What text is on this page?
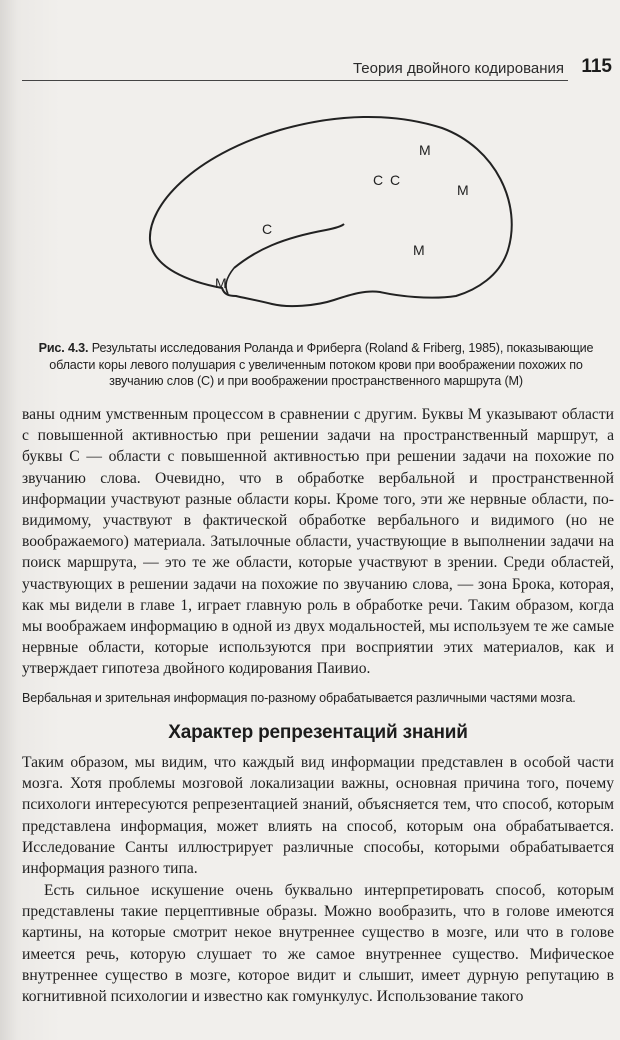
Теория двойного кодирования 115
M
C C
M
C
M
M
Рис. 4.3. Результаты исследования Роланда и Фриберга (Roland & Friberg, 1985), показывающие области коры левого полушария с увеличенным потоком крови при воображении похожих по звучанию слов (С) и при воображении пространственного маршрута (М)

ваны одним умственным процессом в сравнении с другим. Буквы М указывают области с повышенной активностью при решении задачи на пространственный маршрут, а буквы С — области с повышенной активностью при решении задачи на похожие по звучанию слова. Очевидно, что в обработке вербальной и пространственной информации участвуют разные области коры. Кроме того, эти же нервные области, по-видимому, участвуют в фактической обработке вербального и видимого (но не воображаемого) материала. Затылочные области, участвующие в выполнении задачи на поиск маршрута, — это те же области, которые участвуют в зрении. Среди областей, участвующих в решении задачи на похожие по звучанию слова, — зона Брока, которая, как мы видели в главе 1, играет главную роль в обработке речи. Таким образом, когда мы воображаем информацию в одной из двух модальностей, мы используем те же самые нервные области, которые используются при восприятии этих материалов, как и утверждает гипотеза двойного кодирования Паивио.

Вербальная и зрительная информация по-разному обрабатывается различными частями мозга.
Характер репрезентаций знаний

Таким образом, мы видим, что каждый вид информации представлен в особой части мозга. Хотя проблемы мозговой локализации важны, основная причина того, почему психологи интересуются репрезентацией знаний, объясняется тем, что способ, которым представлена информация, может влиять на способ, которым она обрабатывается. Исследование Санты иллюстрирует различные способы, которыми обрабатывается информация разного типа.

Есть сильное искушение очень буквально интерпретировать способ, которым представлены такие перцептивные образы. Можно вообразить, что в голове имеются картины, на которые смотрит некое внутреннее существо в мозге, или что в голове имеется речь, которую слушает то же самое внутреннее существо. Мифическое внутреннее существо в мозге, которое видит и слышит, имеет дурную репутацию в когнитивной психологии и известно как гомункулус. Использование такого
